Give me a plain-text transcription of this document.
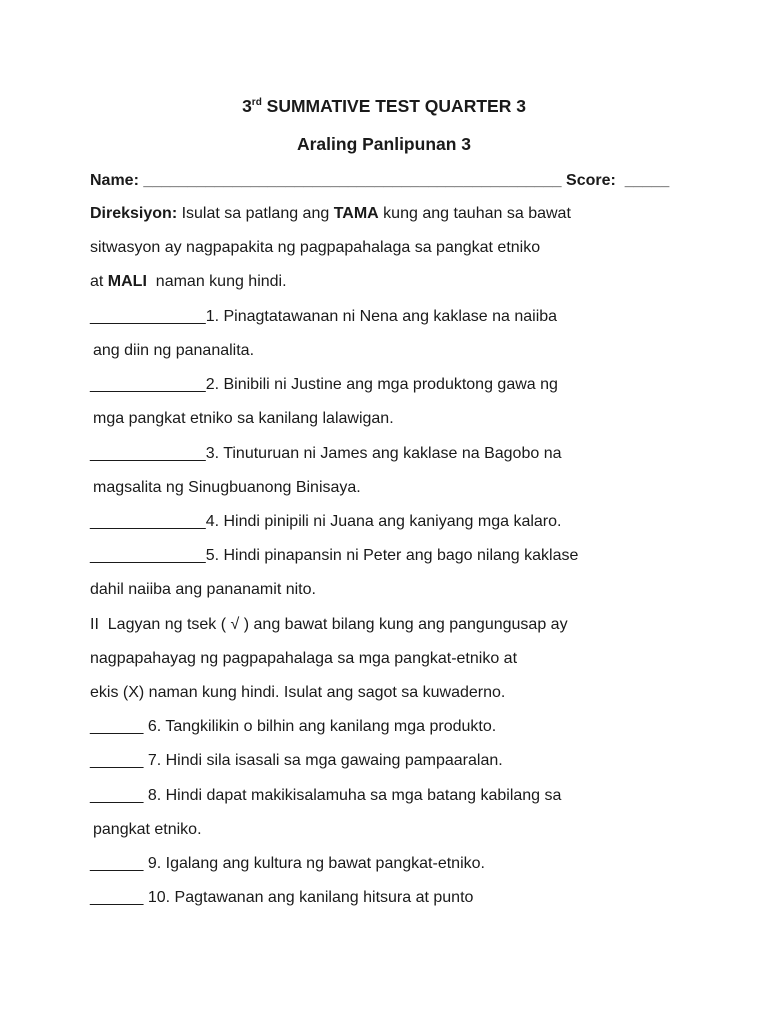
3rd SUMMATIVE TEST QUARTER 3
Araling Panlipunan 3
Name: _______________________________________________ Score:  _____
Direksiyon: Isulat sa patlang ang TAMA kung ang tauhan sa bawat
sitwasyon ay nagpapakita ng pagpapahalaga sa pangkat etniko
at MALI  naman kung hindi.
_____________1. Pinagtatawanan ni Nena ang kaklase na naiiba
ang diin ng pananalita.
_____________2. Binibili ni Justine ang mga produktong gawa ng
mga pangkat etniko sa kanilang lalawigan.
_____________3. Tinuturuan ni James ang kaklase na Bagobo na
magsalita ng Sinugbuanong Binisaya.
_____________4. Hindi pinipili ni Juana ang kaniyang mga kalaro.
_____________5. Hindi pinapansin ni Peter ang bago nilang kaklase
dahil naiiba ang pananamit nito.
II  Lagyan ng tsek ( √ ) ang bawat bilang kung ang pangungusap ay
nagpapahayag ng pagpapahalaga sa mga pangkat-etniko at
ekis (X) naman kung hindi. Isulat ang sagot sa kuwaderno.
______ 6. Tangkilikin o bilhin ang kanilang mga produkto.
______ 7. Hindi sila isasali sa mga gawaing pampaaralan.
______ 8. Hindi dapat makikisalamuha sa mga batang kabilang sa
pangkat etniko.
______ 9. Igalang ang kultura ng bawat pangkat-etniko.
______ 10. Pagtawanan ang kanilang hitsura at punto
